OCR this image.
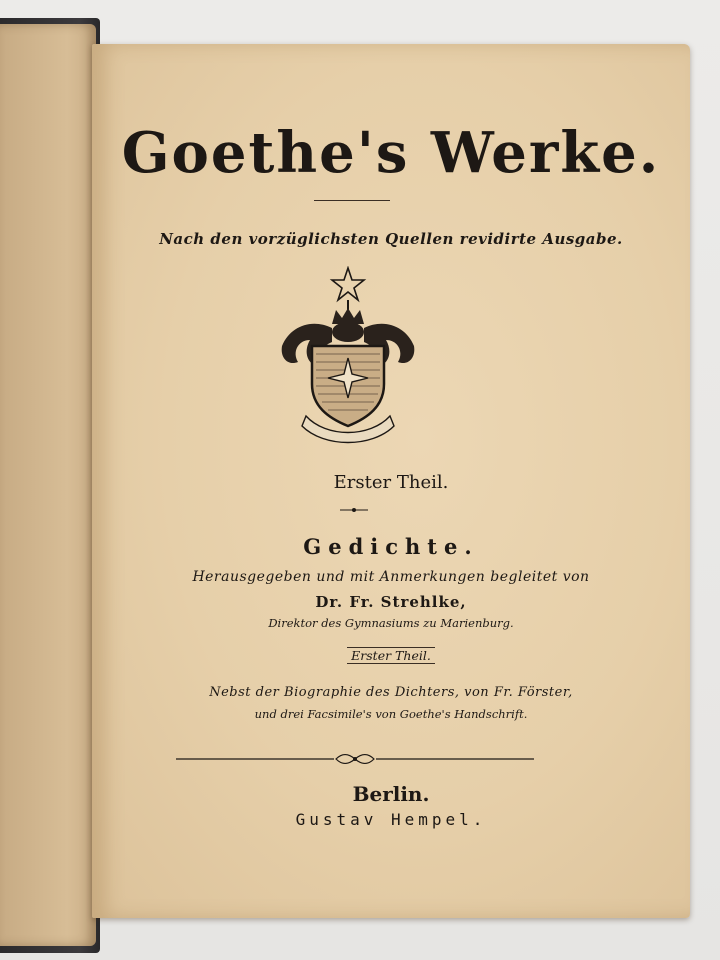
Goethe's Werke.
Nach den vorzüglichsten Quellen revidirte Ausgabe.
Erster Theil.
Gedichte.
Herausgegeben und mit Anmerkungen begleitet von
Dr. Fr. Strehlke,
Direktor des Gymnasiums zu Marienburg.
Erster Theil.
Nebst der Biographie des Dichters, von Fr. Förster,
und drei Facsimile's von Goethe's Handschrift.
Berlin.
Gustav Hempel.
